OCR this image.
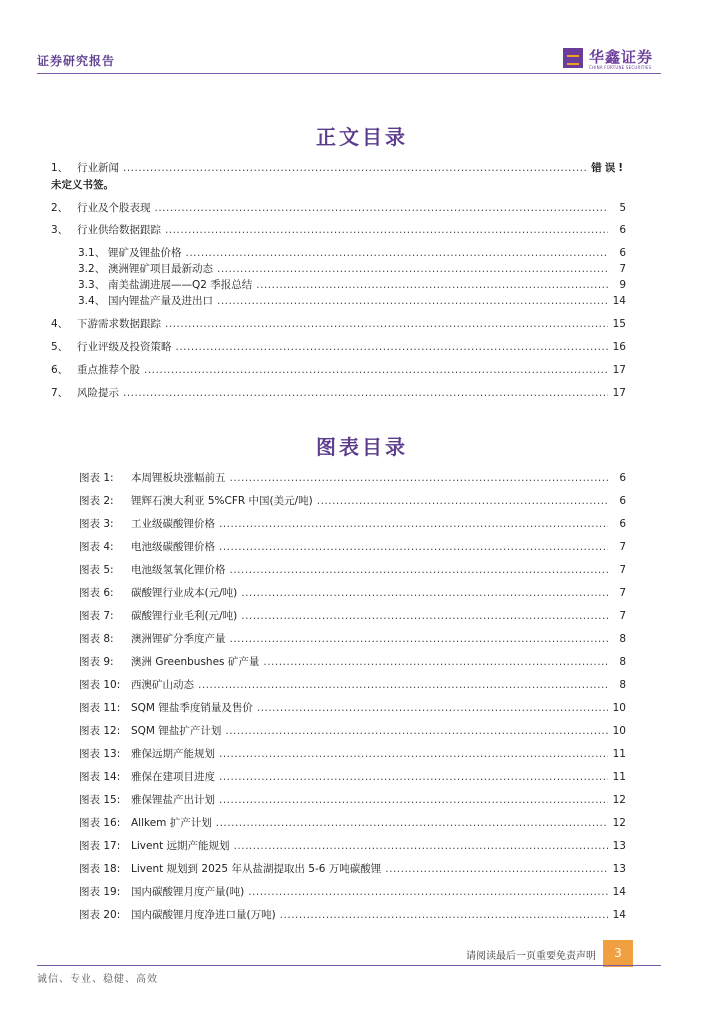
证券研究报告	华鑫证券
CHINA FORTUNE SECURITIES
正文目录
1、 行业新闻 .....	错误!
未定义书签。
2、 行业及个股表现 .....	5
3、 行业供给数据跟踪 .....	6
3.1、 锂矿及锂盐价格 .....	6
3.2、 澳洲锂矿项目最新动态 .....	7
3.3、 南美盐湖进展——Q2 季报总结 .....	9
3.4、 国内锂盐产量及进出口 .....	14
4、 下游需求数据跟踪 .....	15
5、 行业评级及投资策略 .....	16
6、 重点推荐个股 .....	17
7、 风险提示 .....	17
图表目录
图表 1:	本周锂板块涨幅前五 .....	6
图表 2:	锂辉石澳大利亚 5%CFR 中国(美元/吨) .....	6
图表 3:	工业级碳酸锂价格 .....	6
图表 4:	电池级碳酸锂价格 .....	7
图表 5:	电池级氢氧化锂价格 .....	7
图表 6:	碳酸锂行业成本(元/吨) .....	7
图表 7:	碳酸锂行业毛利(元/吨) .....	7
图表 8:	澳洲锂矿分季度产量 .....	8
图表 9:	澳洲 Greenbushes 矿产量 .....	8
图表 10:	西澳矿山动态 .....	8
图表 11:	SQM 锂盐季度销量及售价 .....	10
图表 12:	SQM 锂盐扩产计划 .....	10
图表 13:	雅保远期产能规划 .....	11
图表 14:	雅保在建项目进度 .....	11
图表 15:	雅保锂盐产出计划 .....	12
图表 16:	Allkem 扩产计划 .....	12
图表 17:	Livent 远期产能规划 .....	13
图表 18:	Livent 规划到 2025 年从盐湖提取出 5-6 万吨碳酸锂 .....	13
图表 19:	国内碳酸锂月度产量(吨) .....	14
图表 20:	国内碳酸锂月度净进口量(万吨) .....	14
请阅读最后一页重要免责声明	3
诚信、专业、稳健、高效
